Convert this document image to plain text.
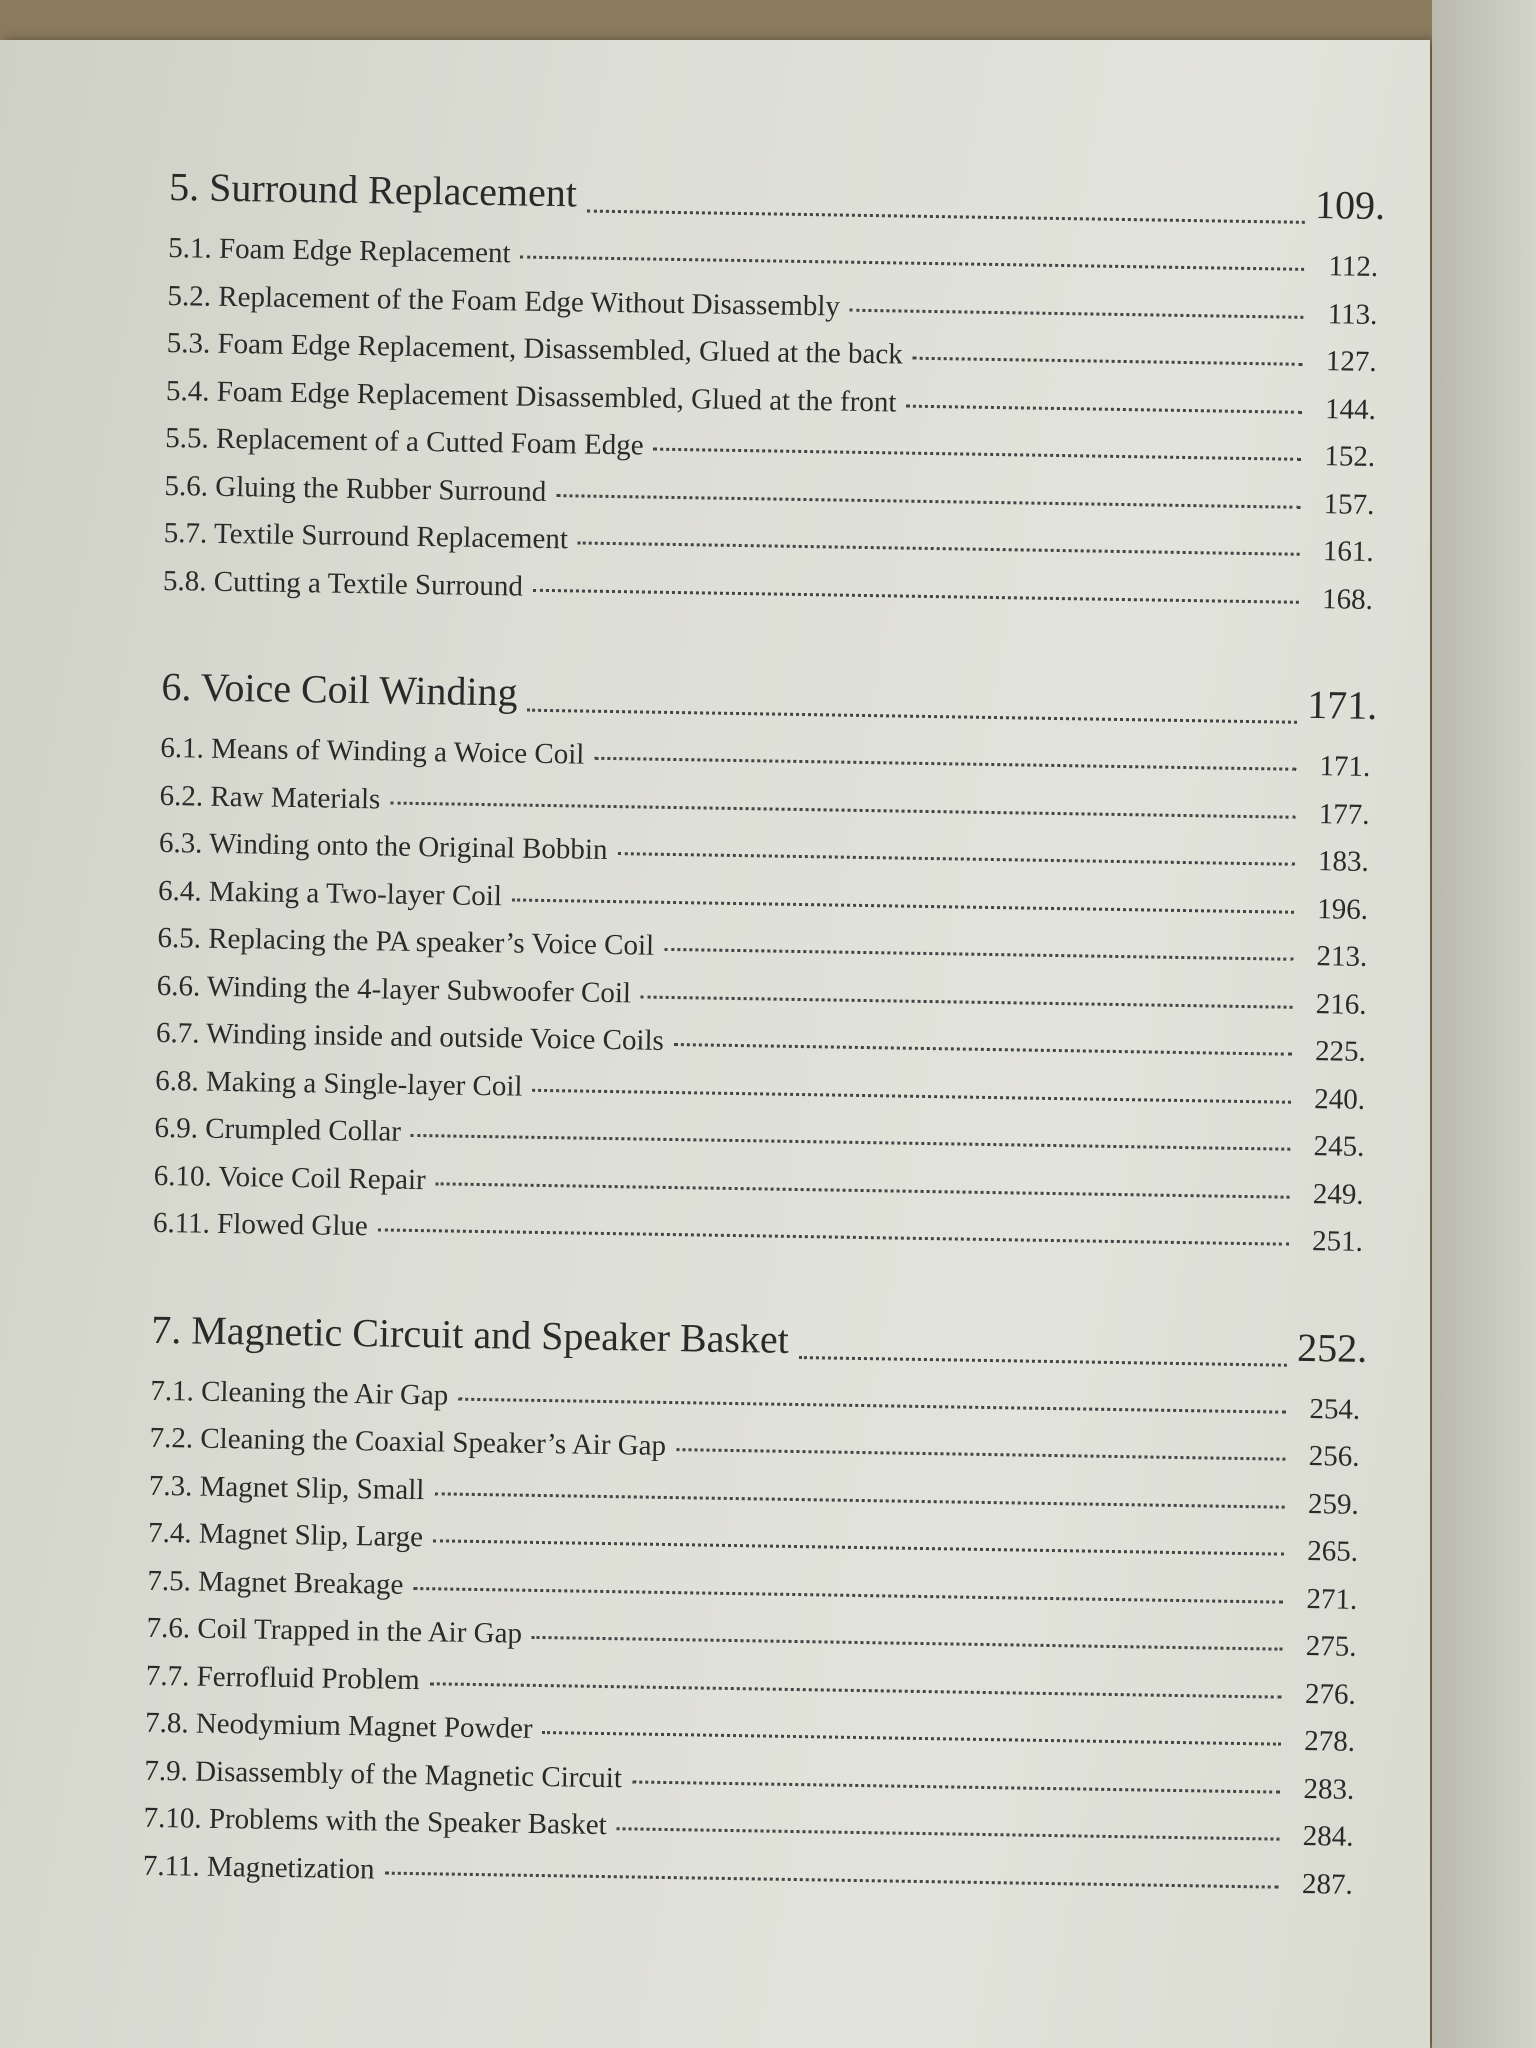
5. Surround Replacement	109.
5.1. Foam Edge Replacement	112.
5.2. Replacement of the Foam Edge Without Disassembly	113.
5.3. Foam Edge Replacement, Disassembled, Glued at the back	127.
5.4. Foam Edge Replacement Disassembled, Glued at the front	144.
5.5. Replacement of a Cutted Foam Edge	152.
5.6. Gluing the Rubber Surround	157.
5.7. Textile Surround Replacement	161.
5.8. Cutting a Textile Surround	168.
6. Voice Coil Winding	171.
6.1. Means of Winding a Woice Coil	171.
6.2. Raw Materials	177.
6.3. Winding onto the Original Bobbin	183.
6.4. Making a Two-layer Coil	196.
6.5. Replacing the PA speaker’s Voice Coil	213.
6.6. Winding the 4-layer Subwoofer Coil	216.
6.7. Winding inside and outside Voice Coils	225.
6.8. Making a Single-layer Coil	240.
6.9. Crumpled Collar	245.
6.10. Voice Coil Repair	249.
6.11. Flowed Glue	251.
7. Magnetic Circuit and Speaker Basket	252.
7.1. Cleaning the Air Gap	254.
7.2. Cleaning the Coaxial Speaker’s Air Gap	256.
7.3. Magnet Slip, Small	259.
7.4. Magnet Slip, Large	265.
7.5. Magnet Breakage	271.
7.6. Coil Trapped in the Air Gap	275.
7.7. Ferrofluid Problem	276.
7.8. Neodymium Magnet Powder	278.
7.9. Disassembly of the Magnetic Circuit	283.
7.10. Problems with the Speaker Basket	284.
7.11. Magnetization	287.
